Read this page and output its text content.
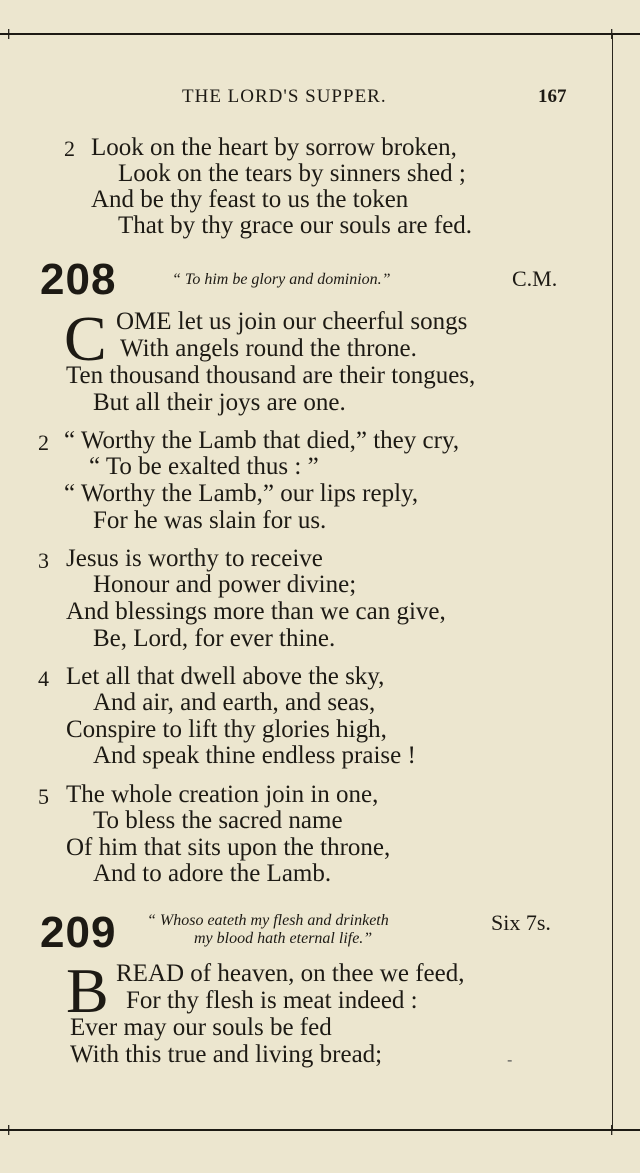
+	+
+	+
THE LORD'S SUPPER.	167
2 Look on the heart by sorrow broken,
Look on the tears by sinners shed ;
And be thy feast to us the token
That by thy grace our souls are fed.
208	“ To him be glory and dominion.”	C.M.
C OME let us join our cheerful songs
With angels round the throne.
Ten thousand thousand are their tongues,
But all their joys are one.
2 “ Worthy the Lamb that died,” they cry,
“ To be exalted thus : ”
“ Worthy the Lamb,” our lips reply,
For he was slain for us.
3 Jesus is worthy to receive
Honour and power divine;
And blessings more than we can give,
Be, Lord, for ever thine.
4 Let all that dwell above the sky,
And air, and earth, and seas,
Conspire to lift thy glories high,
And speak thine endless praise !
5 The whole creation join in one,
To bless the sacred name
Of him that sits upon the throne,
And to adore the Lamb.
209 “ Whoso eateth my flesh and drinketh
my blood hath eternal life.”
Six 7s.
B READ of heaven, on thee we feed,
For thy flesh is meat indeed :
Ever may our souls be fed
With this true and living bread;	-
